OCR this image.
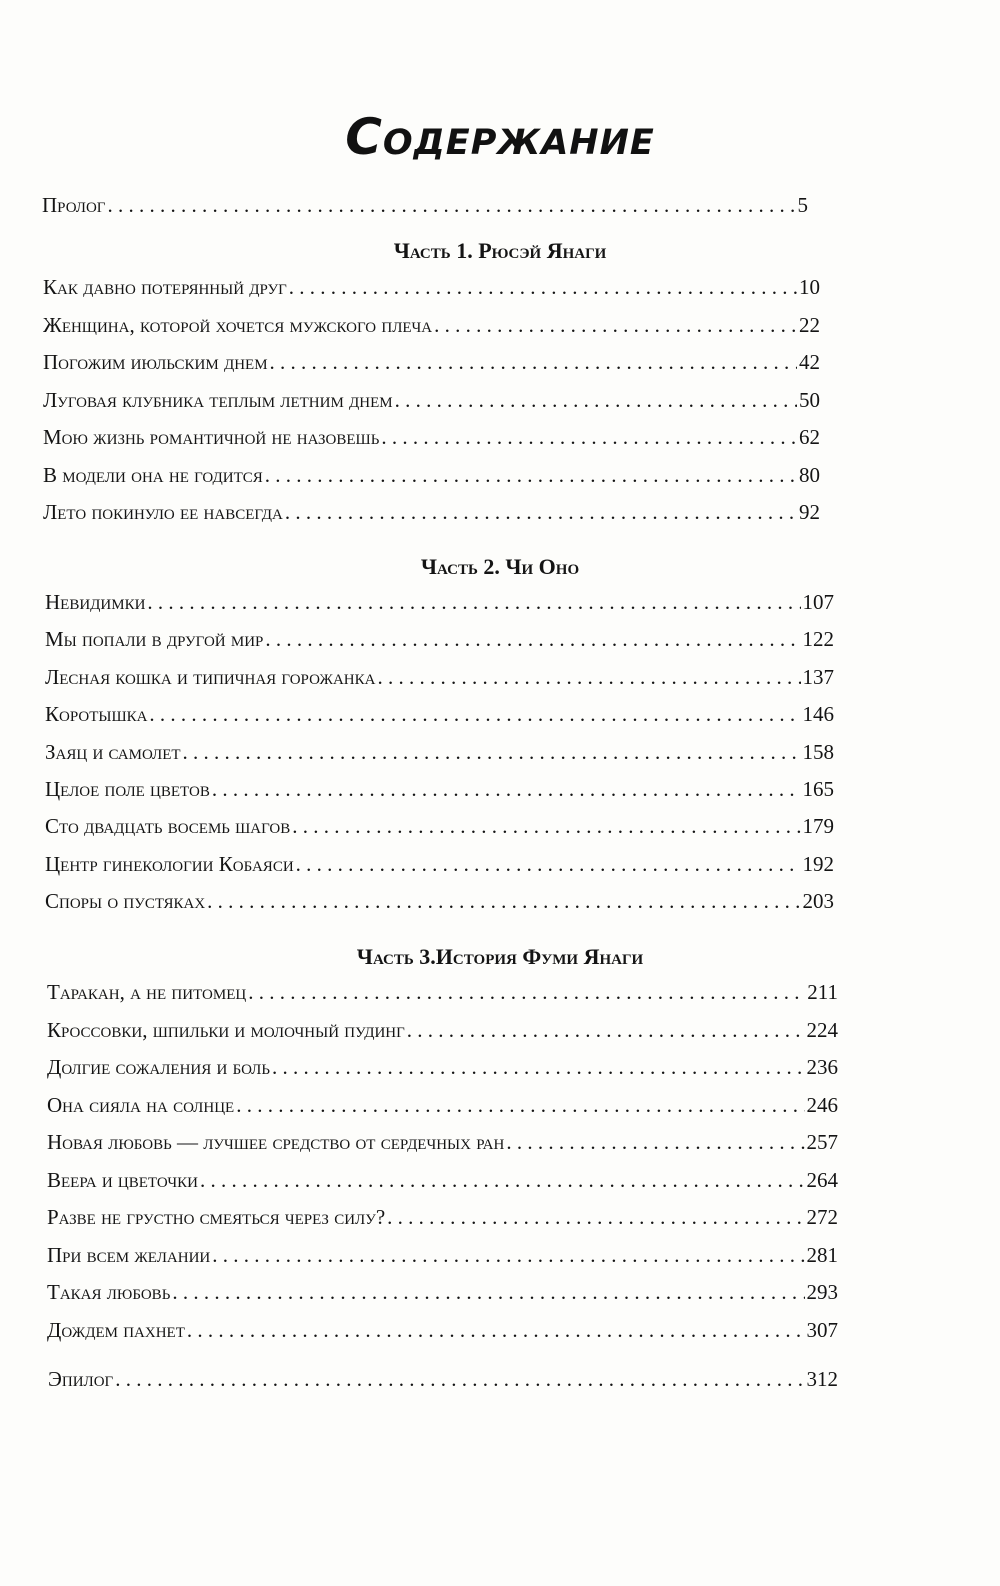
Содержание
Пролог . . .	5
Часть 1. Рюсэй Янаги
Как давно потерянный друг . . .	10
Женщина, которой хочется мужского плеча . . .	22
Погожим июльским днем . . .	42
Луговая клубника теплым летним днем . . .	50
Мою жизнь романтичной не назовешь . . .	62
В модели она не годится . . .	80
Лето покинуло ее навсегда . . .	92
Часть 2. Чи Оно
Невидимки . . .	107
Мы попали в другой мир . . .	122
Лесная кошка и типичная горожанка . . .	137
Коротышка . . .	146
Заяц и самолет . . .	158
Целое поле цветов . . .	165
Сто двадцать восемь шагов . . .	179
Центр гинекологии Кобаяси . . .	192
Споры о пустяках . . .	203
Часть 3.История Фуми Янаги
Таракан, а не питомец . . .	211
Кроссовки, шпильки и молочный пудинг . . .	224
Долгие сожаления и боль . . .	236
Она сияла на солнце . . .	246
Новая любовь — лучшее средство от сердечных ран . . .	257
Веера и цветочки . . .	264
Разве не грустно смеяться через силу? . . .	272
При всем желании . . .	281
Такая любовь . . .	293
Дождем пахнет . . .	307
Эпилог . . .	312
